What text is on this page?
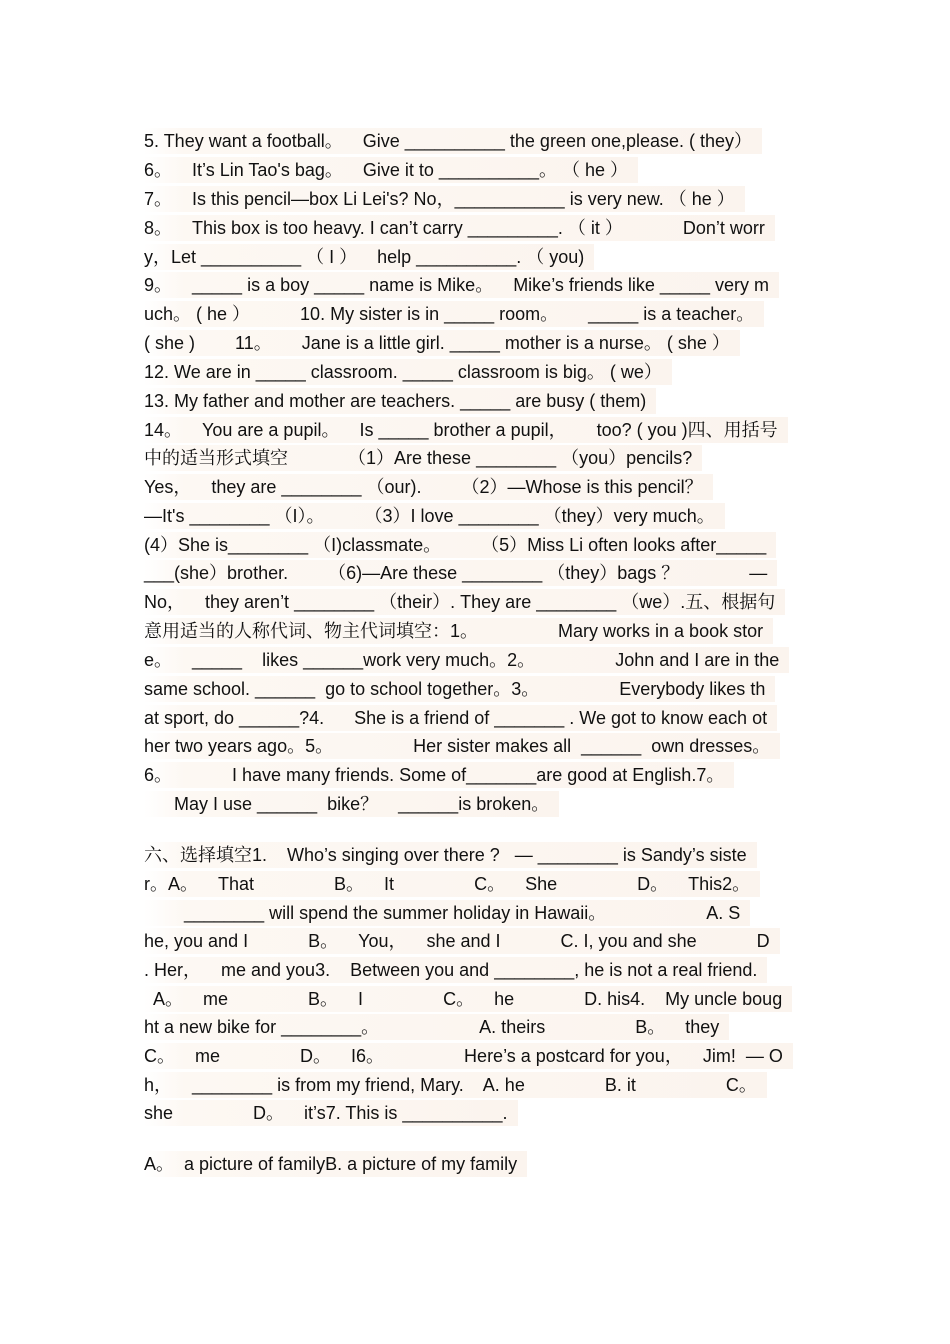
5. They want a football。    Give __________ the green one,please. ( they）
6。    It’s Lin Tao's bag。    Give it to __________。 （ he ）
7。    Is this pencil—box Li Lei's? No，___________ is very new. （ he ）
8。    This box is too heavy. I can’t carry _________. （ it ）            Don’t worr
y，Let __________ （ I ）    help __________. （ you)
9。    _____ is a boy _____ name is Mike。    Mike’s friends like _____ very m
uch。 ( he ）          10. My sister is in _____ room。      _____ is a teacher。
( she )        11。      Jane is a little girl. _____ mother is a nurse。 ( she ）
12. We are in _____ classroom. _____ classroom is big。 ( we）
13. My father and mother are teachers. _____ are busy ( them)
14。    You are a pupil。    Is _____ brother a pupil，      too? ( you )四、用括号
中的适当形式填空            （1）Are these ________ （you）pencils?
Yes，    they are ________ （our).        （2）—Whose is this pencil？
—It's ________ （I）。        （3）I love ________ （they）very much。
(4）She is________ （I)classmate。        （5）Miss Li often looks after_____
___(she）brother.        （6)—Are these ________ （they）bags ？              —
No，    they aren’t ________ （their）. They are ________ （we）.五、根据句
意用适当的人称代词、物主代词填空：1。                Mary works in a book stor
e。    _____    likes ______work very much。2。                John and I are in the
same school. ______  go to school together。3。                Everybody likes th
at sport, do ______?4.      She is a friend of _______ . We got to know each ot
her two years ago。5。                Her sister makes all  ______  own dresses。
6。            I have many friends. Some of_______are good at English.7。
May I use ______  bike？    ______is broken。
六、选择填空1.    Who’s singing over there ?   — ________ is Sandy’s siste
r。A。    That                B。    It                C。    She                D。    This2。
________ will spend the summer holiday in Hawaii。                    A. S
he, you and I            B。    You，    she and I            C. I, you and she            D
. Her，    me and you3.    Between you and ________, he is not a real friend.
A。    me                B。    I                C。    he              D. his4.    My uncle boug
ht a new bike for ________。                    A. theirs                  B。    they
C。    me                D。    I6。                Here’s a postcard for you，    Jim!  — O
h，    ________ is from my friend, Mary.    A. he                B. it                  C。
she                D。    it’s7. This is __________.
A。  a picture of familyB. a picture of my family
